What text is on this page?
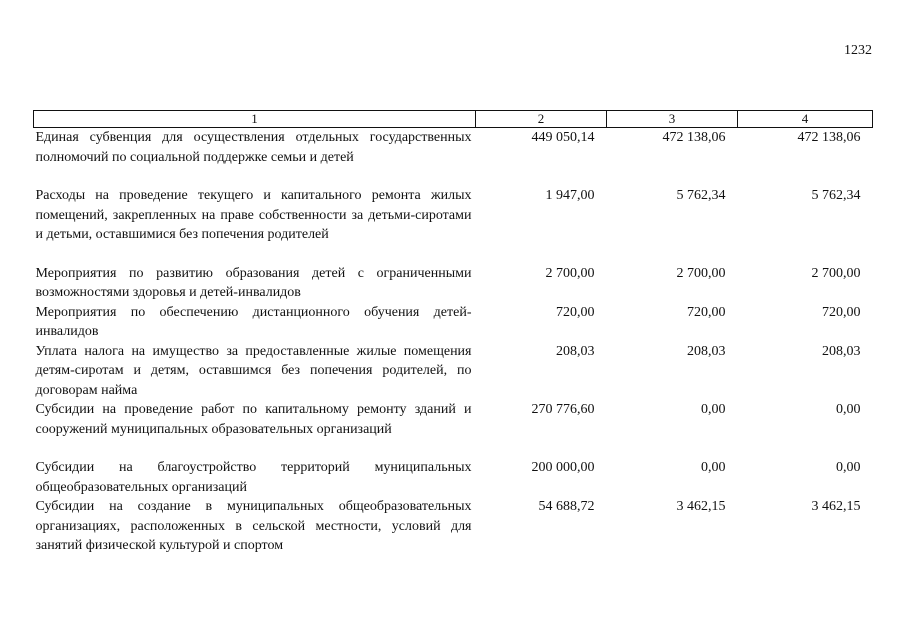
1232
1	2	3	4
Единая субвенция для осуществления отдельных государственных полномочий по социальной поддержке семьи и детей	449 050,14	472 138,06	472 138,06
Расходы на проведение текущего и капитального ремонта жилых помещений, закрепленных на праве собственности за детьми-сиротами и детьми, оставшимися без попечения родителей	1 947,00	5 762,34	5 762,34
Мероприятия по развитию образования детей с ограниченными возможностями здоровья и детей-инвалидов	2 700,00	2 700,00	2 700,00
Мероприятия по обеспечению дистанционного обучения детей-инвалидов	720,00	720,00	720,00
Уплата налога на имущество за предоставленные жилые помещения детям-сиротам и детям, оставшимся без попечения родителей, по договорам найма	208,03	208,03	208,03
Субсидии на проведение работ по капитальному ремонту зданий и сооружений муниципальных образовательных организаций	270 776,60	0,00	0,00
Субсидии на благоустройство территорий муниципальных общеобразовательных организаций	200 000,00	0,00	0,00
Субсидии на создание в муниципальных общеобразовательных организациях, расположенных в сельской местности, условий для занятий физической культурой и спортом	54 688,72	3 462,15	3 462,15
